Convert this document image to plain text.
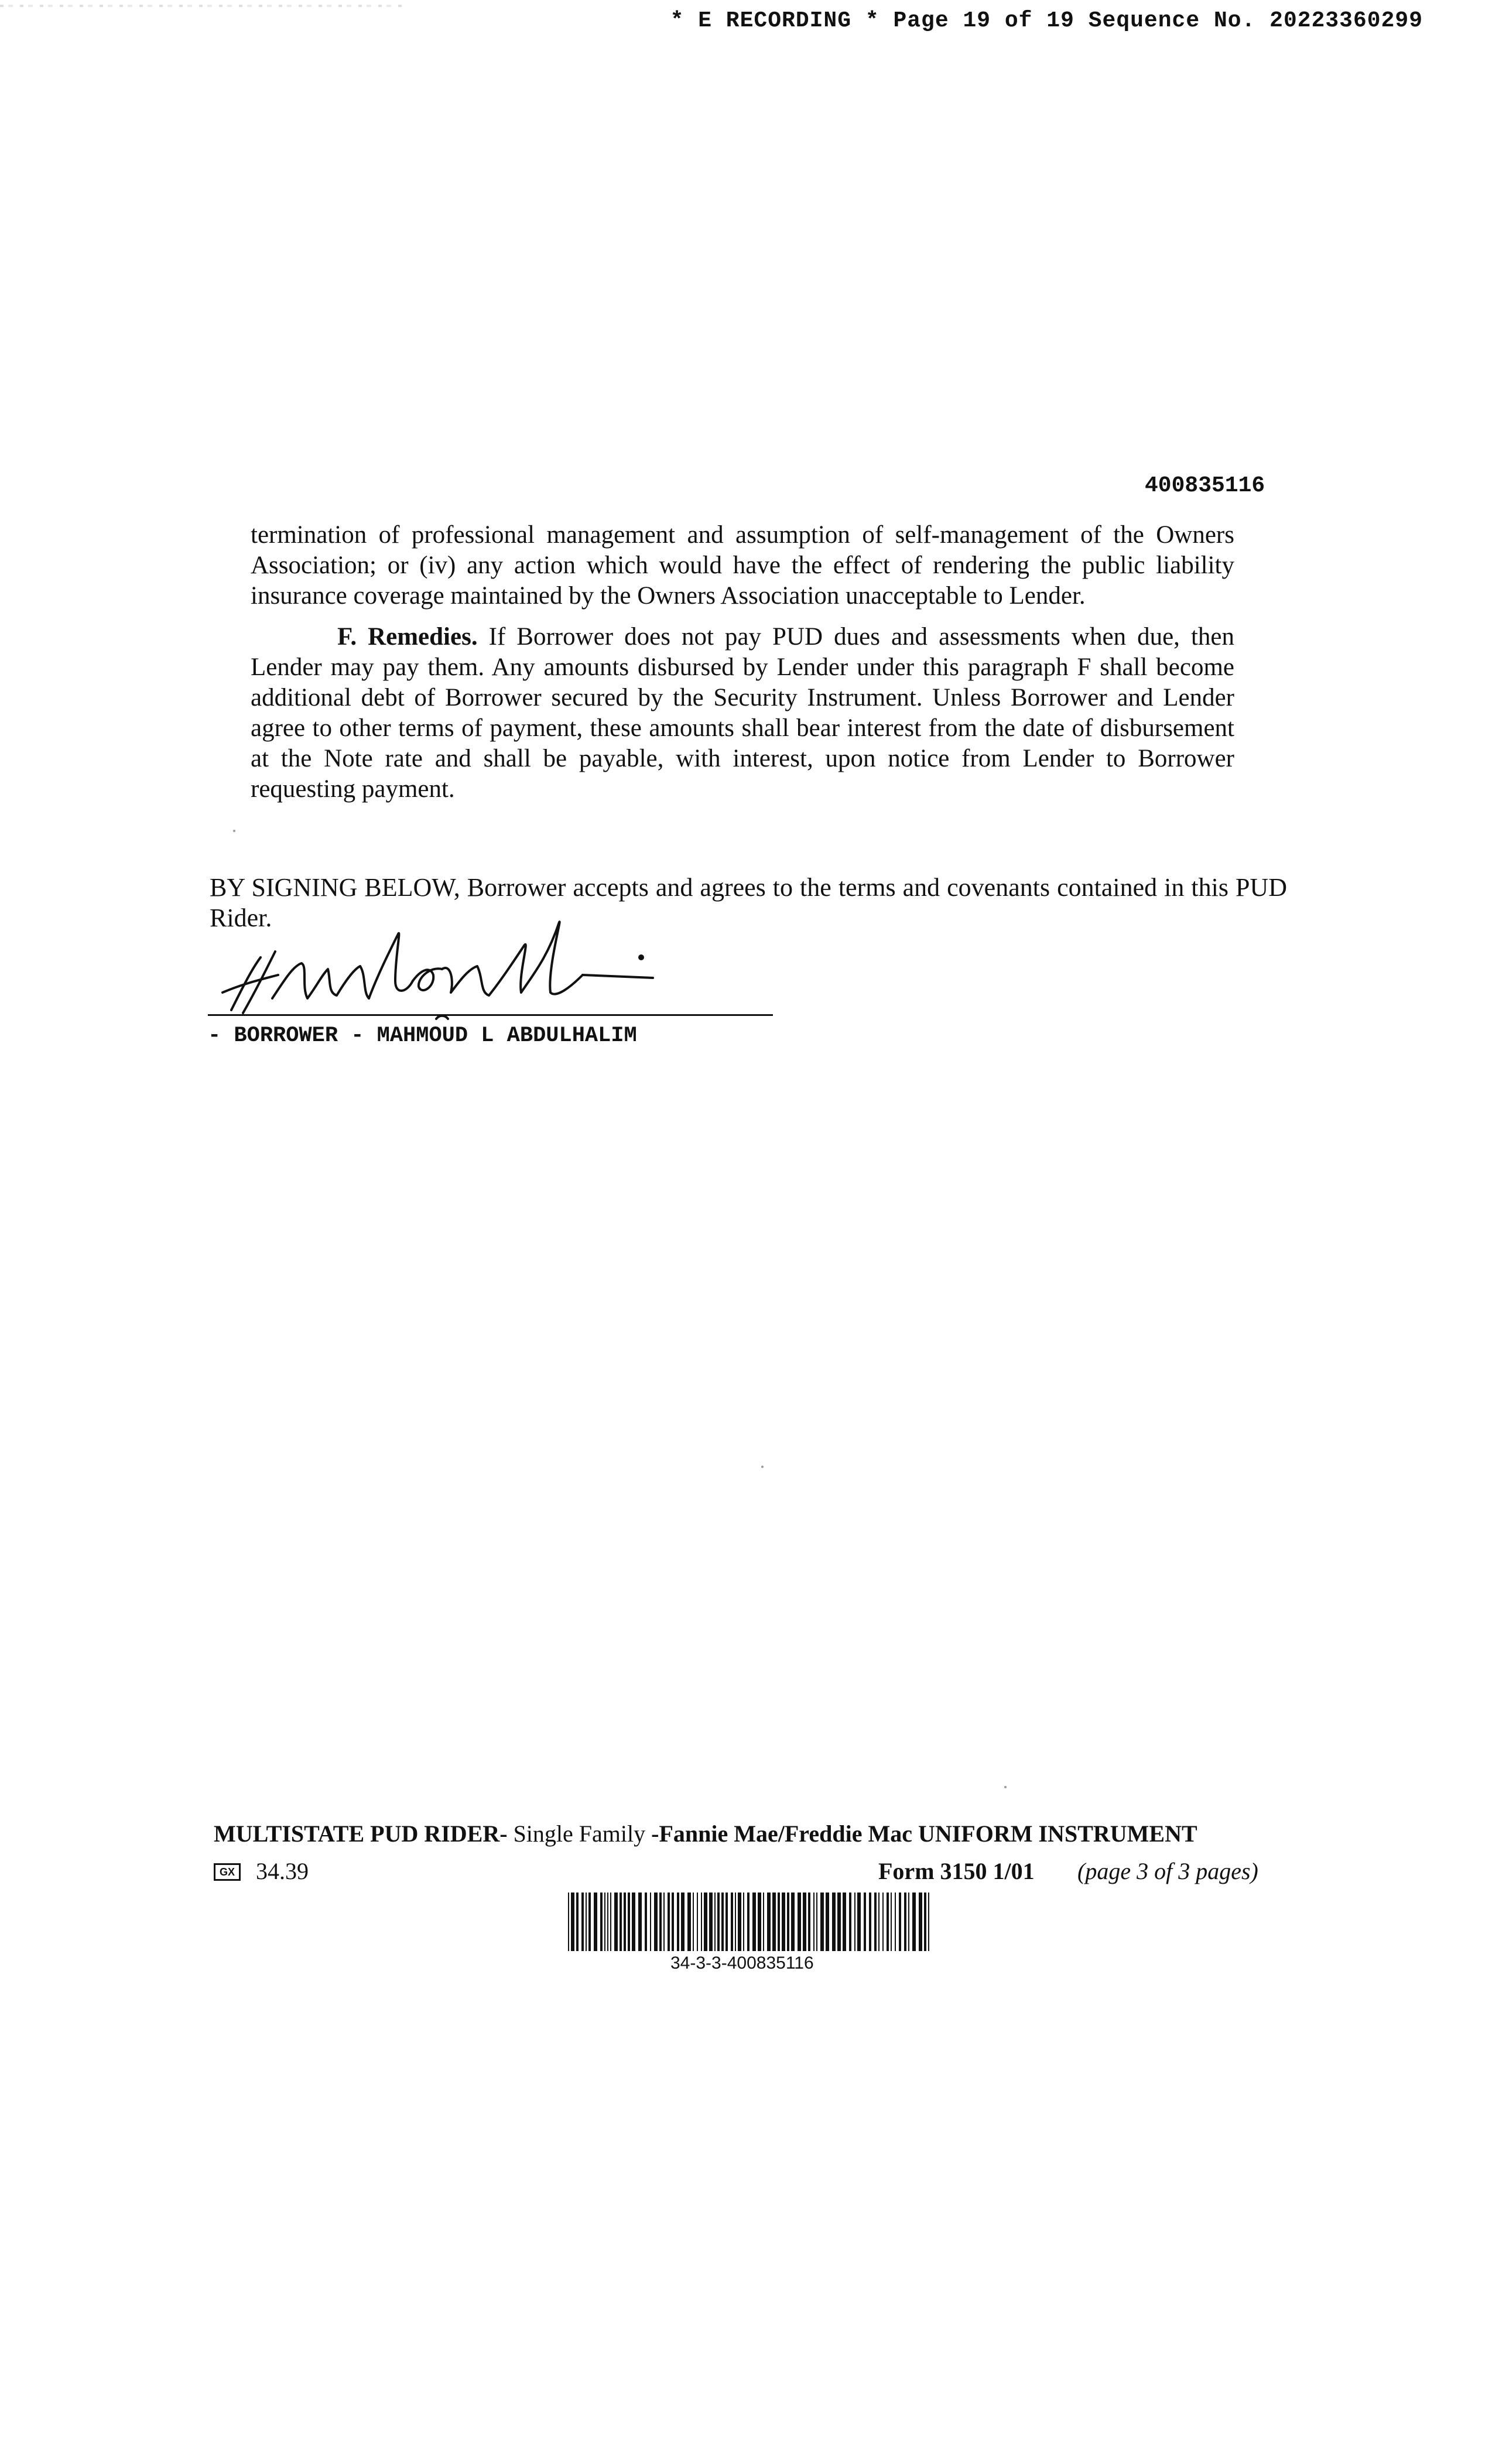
* E RECORDING * Page 19 of 19 Sequence No. 20223360299
400835116

termination of professional management and assumption of self-management of the Owners Association; or (iv) any action which would have the effect of rendering the public liability insurance coverage maintained by the Owners Association unacceptable to Lender.

F. Remedies. If Borrower does not pay PUD dues and assessments when due, then Lender may pay them. Any amounts disbursed by Lender under this paragraph F shall become additional debt of Borrower secured by the Security Instrument. Unless Borrower and Lender agree to other terms of payment, these amounts shall bear interest from the date of disbursement at the Note rate and shall be payable, with interest, upon notice from Lender to Borrower requesting payment.

BY SIGNING BELOW, Borrower accepts and agrees to the terms and covenants contained in this PUD Rider.

- BORROWER - MAHMOUD L ABDULHALIM
MULTISTATE PUD RIDER- Single Family -Fannie Mae/Freddie Mac UNIFORM INSTRUMENT
GX 34.39	Form 3150 1/01 (page 3 of 3 pages)
34-3-3-400835116
